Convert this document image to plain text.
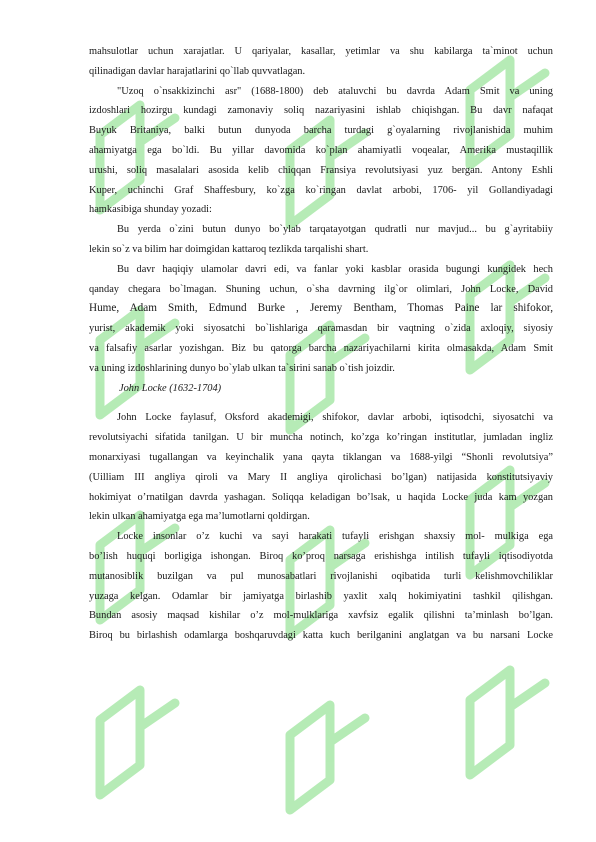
mahsulotlar uchun xarajatlar. U qariyalar, kasallar, yetimlar va shu kabilarga ta`minot uchun
qilinadigan davlar harajatlarini qo`llab quvvatlagan.
"Uzoq o`nsakkizinchi asr" (1688-1800) deb ataluvchi bu davrda Adam Smit va uning
izdoshlari hozirgu kundagi zamonaviy soliq nazariyasini ishlab chiqishgan. Bu davr nafaqat
Buyuk Britaniya, balki butun dunyoda barcha turdagi g`oyalarning rivojlanishida muhim
ahamiyatga ega bo`ldi. Bu yillar davomida ko`plan ahamiyatli voqealar, Amerika mustaqillik
urushi, soliq masalalari asosida kelib chiqqan Fransiya revolutsiyasi yuz bergan. Antony Eshli
Kuper, uchinchi Graf Shaffesbury, ko`zga ko`ringan davlat arbobi, 1706- yil Gollandiyadagi
hamkasibiga shunday yozadi:
Bu yerda o`zini butun dunyo bo`ylab tarqatayotgan qudratli nur mavjud... bu g`ayritabiiy
lekin so`z va bilim har doimgidan kattaroq tezlikda tarqalishi shart.
Bu davr haqiqiy ulamolar davri edi, va fanlar yoki kasblar orasida bugungi kungidek hech
qanday chegara bo`lmagan. Shuning uchun, o`sha davrning ilg`or olimlari, John Locke, David
Hume, Adam Smith, Edmund Burke , Jeremy Bentham, Thomas Paine lar shifokor,
yurist, akademik yoki siyosatchi bo`lishlariga qaramasdan bir vaqtning o`zida axloqiy, siyosiy
va falsafiy asarlar yozishgan. Biz bu qatorga barcha nazariyachilarni kirita olmasakda, Adam Smit
va uning izdoshlarining dunyo bo`ylab ulkan ta`sirini sanab o`tish joizdir.
John Locke (1632-1704)
John Locke faylasuf, Oksford akademigi, shifokor, davlar arbobi, iqtisodchi, siyosatchi va
revolutsiyachi sifatida tanilgan. U bir muncha notinch, ko’zga ko’ringan institutlar, jumladan ingliz
monarxiyasi tugallangan va keyinchalik yana qayta tiklangan va 1688-yilgi “Shonli revolutsiya”
(Uilliam III angliya qiroli va Mary II angliya qirolichasi bo’lgan) natijasida konstitutsiyaviy
hokimiyat o’rnatilgan davrda yashagan. Soliqqa keladigan bo’lsak, u haqida Locke juda kam yozgan
lekin ulkan ahamiyatga ega ma’lumotlarni qoldirgan.
Locke insonlar o’z kuchi va sayi harakati tufayli erishgan shaxsiy mol- mulkiga ega
bo’lish huquqi borligiga ishongan. Biroq ko’proq narsaga erishishga intilish tufayli iqtisodiyotda
mutanosiblik buzilgan va pul munosabatlari rivojlanishi oqibatida turli kelishmovchiliklar
yuzaga kelgan. Odamlar bir jamiyatga birlashib yaxlit xalq hokimiyatini tashkil qilishgan.
Bundan asosiy maqsad kishilar o’z mol-mulklariga xavfsiz egalik qilishni ta’minlash bo’lgan.
Biroq bu birlashish odamlarga boshqaruvdagi katta kuch berilganini anglatgan va bu narsani Locke
